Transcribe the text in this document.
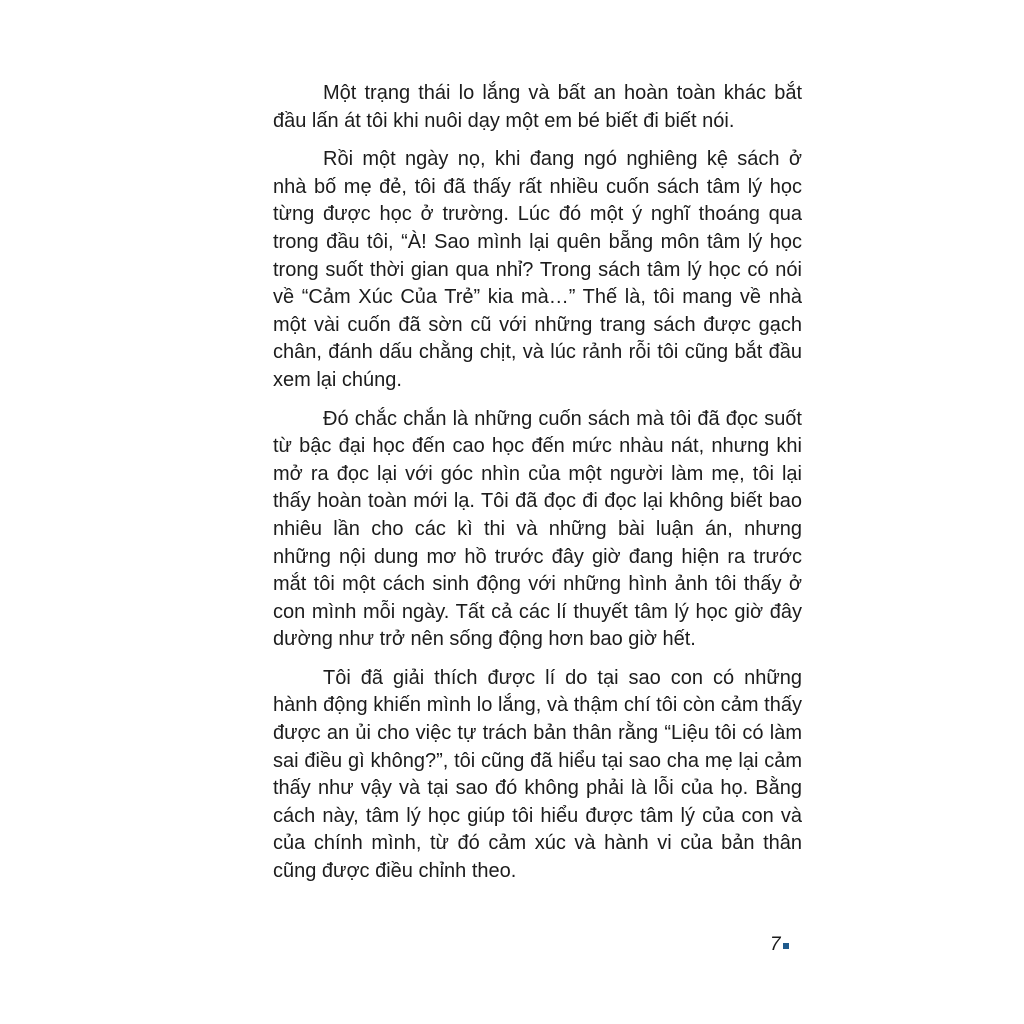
Một trạng thái lo lắng và bất an hoàn toàn khác bắt đầu lấn át tôi khi nuôi dạy một em bé biết đi biết nói.

Rồi một ngày nọ, khi đang ngó nghiêng kệ sách ở nhà bố mẹ đẻ, tôi đã thấy rất nhiều cuốn sách tâm lý học từng được học ở trường. Lúc đó một ý nghĩ thoáng qua trong đầu tôi, “À! Sao mình lại quên bẵng môn tâm lý học trong suốt thời gian qua nhỉ? Trong sách tâm lý học có nói về “Cảm Xúc Của Trẻ” kia mà…” Thế là, tôi mang về nhà một vài cuốn đã sờn cũ với những trang sách được gạch chân, đánh dấu chằng chịt, và lúc rảnh rỗi tôi cũng bắt đầu xem lại chúng.

Đó chắc chắn là những cuốn sách mà tôi đã đọc suốt từ bậc đại học đến cao học đến mức nhàu nát, nhưng khi mở ra đọc lại với góc nhìn của một người làm mẹ, tôi lại thấy hoàn toàn mới lạ. Tôi đã đọc đi đọc lại không biết bao nhiêu lần cho các kì thi và những bài luận án, nhưng những nội dung mơ hồ trước đây giờ đang hiện ra trước mắt tôi một cách sinh động với những hình ảnh tôi thấy ở con mình mỗi ngày. Tất cả các lí thuyết tâm lý học giờ đây dường như trở nên sống động hơn bao giờ hết.

Tôi đã giải thích được lí do tại sao con có những hành động khiến mình lo lắng, và thậm chí tôi còn cảm thấy được an ủi cho việc tự trách bản thân rằng “Liệu tôi có làm sai điều gì không?”, tôi cũng đã hiểu tại sao cha mẹ lại cảm thấy như vậy và tại sao đó không phải là lỗi của họ. Bằng cách này, tâm lý học giúp tôi hiểu được tâm lý của con và của chính mình, từ đó cảm xúc và hành vi của bản thân cũng được điều chỉnh theo.

7
